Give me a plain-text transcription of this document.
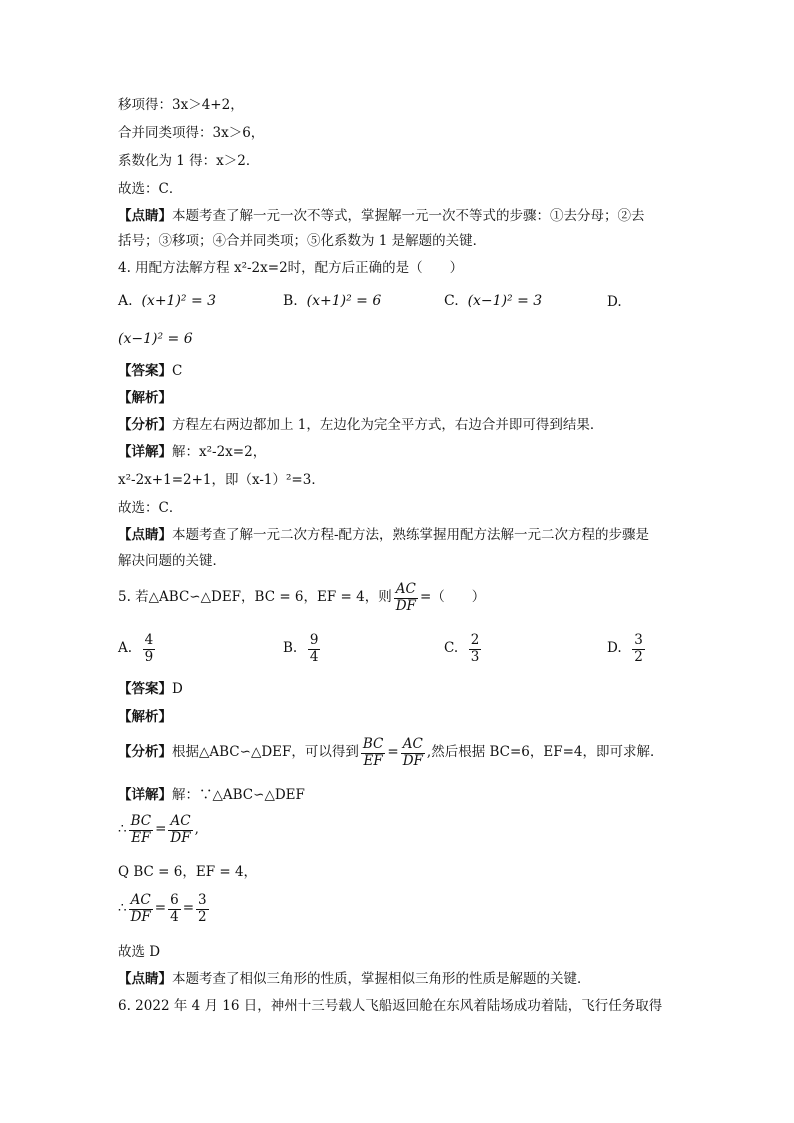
移项得：3x＞4+2，
合并同类项得：3x＞6，
系数化为 1 得：x＞2．
故选：C．
【点睛】本题考查了解一元一次不等式，掌握解一元一次不等式的步骤：①去分母；②去
括号；③移项；④合并同类项；⑤化系数为 1 是解题的关键．
4. 用配方法解方程 x²-2x=2时，配方后正确的是（　　）
A. (x+1)² = 3	B. (x+1)² = 6	C. (x−1)² = 3	D.
(x−1)² = 6
【答案】C
【解析】
【分析】方程左右两边都加上 1，左边化为完全平方式，右边合并即可得到结果．
【详解】解：x²-2x=2，
x²-2x+1=2+1，即（x-1）²=3．
故选：C．
【点睛】本题考查了解一元二次方程-配方法，熟练掌握用配方法解一元二次方程的步骤是
解决问题的关键．
5. 若△ABC∽△DEF，BC = 6，EF = 4，则 $\frac{AC}{DF}$ =（　　）
A.
$\frac{4}{9}$	B.
$\frac{9}{4}$	C.
$\frac{2}{3}$	D.
$\frac{3}{2}$
【答案】D
【解析】
【分析】 根据△ABC∽△DEF，可以得到 $\frac{BC}{EF} = \frac{AC}{DF}$ ,然后根据 BC=6，EF=4，即可求解．
【详解】解：∵△ABC∽△DEF
∴ $\frac{BC}{EF} = \frac{AC}{DF}$ ,
Q BC = 6，EF = 4，
∴ $\frac{AC}{DF} = \frac{6}{4} = \frac{3}{2}$
故选 D
【点睛】本题考查了相似三角形的性质，掌握相似三角形的性质是解题的关键．
6. 2022 年 4 月 16 日，神州十三号载人飞船返回舱在东风着陆场成功着陆，飞行任务取得
